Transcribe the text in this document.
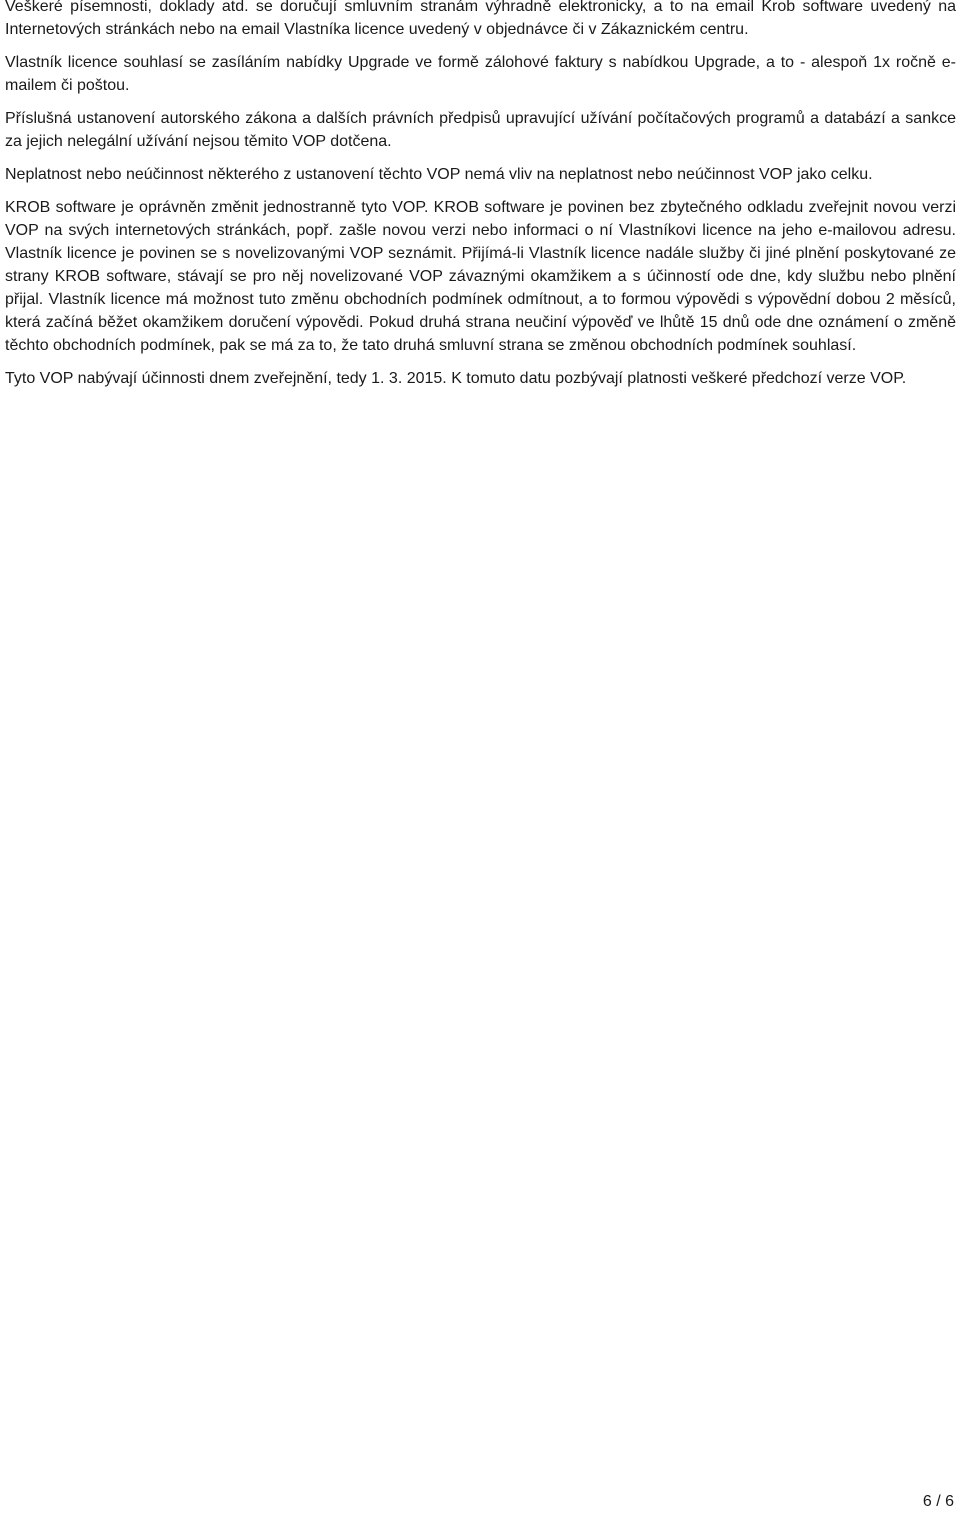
Veškeré písemnosti, doklady atd. se doručují smluvním stranám výhradně elektronicky, a to na email Krob software uvedený na Internetových stránkách nebo na email Vlastníka licence uvedený v objednávce či v Zákaznickém centru.

Vlastník licence souhlasí se zasíláním nabídky Upgrade ve formě zálohové faktury s nabídkou Upgrade, a to - alespoň 1x ročně e-mailem či poštou.

Příslušná ustanovení autorského zákona a dalších právních předpisů upravující užívání počítačových programů a databází a sankce za jejich nelegální užívání nejsou těmito VOP dotčena.

Neplatnost nebo neúčinnost některého z ustanovení těchto VOP nemá vliv na neplatnost nebo neúčinnost VOP jako celku.

KROB software je oprávněn změnit jednostranně tyto VOP. KROB software je povinen bez zbytečného odkladu zveřejnit novou verzi VOP na svých internetových stránkách, popř. zašle novou verzi nebo informaci o ní Vlastníkovi licence na jeho e-mailovou adresu. Vlastník licence je povinen se s novelizovanými VOP seznámit. Přijímá-li Vlastník licence nadále služby či jiné plnění poskytované ze strany KROB software, stávají se pro něj novelizované VOP závaznými okamžikem a s účinností ode dne, kdy službu nebo plnění přijal. Vlastník licence má možnost tuto změnu obchodních podmínek odmítnout, a to formou výpovědi s výpovědní dobou 2 měsíců, která začíná běžet okamžikem doručení výpovědi. Pokud druhá strana neučiní výpověď ve lhůtě 15 dnů ode dne oznámení o změně těchto obchodních podmínek, pak se má za to, že tato druhá smluvní strana se změnou obchodních podmínek souhlasí.

Tyto VOP nabývají účinnosti dnem zveřejnění, tedy 1. 3. 2015. K tomuto datu pozbývají platnosti veškeré předchozí verze VOP.

6 / 6
